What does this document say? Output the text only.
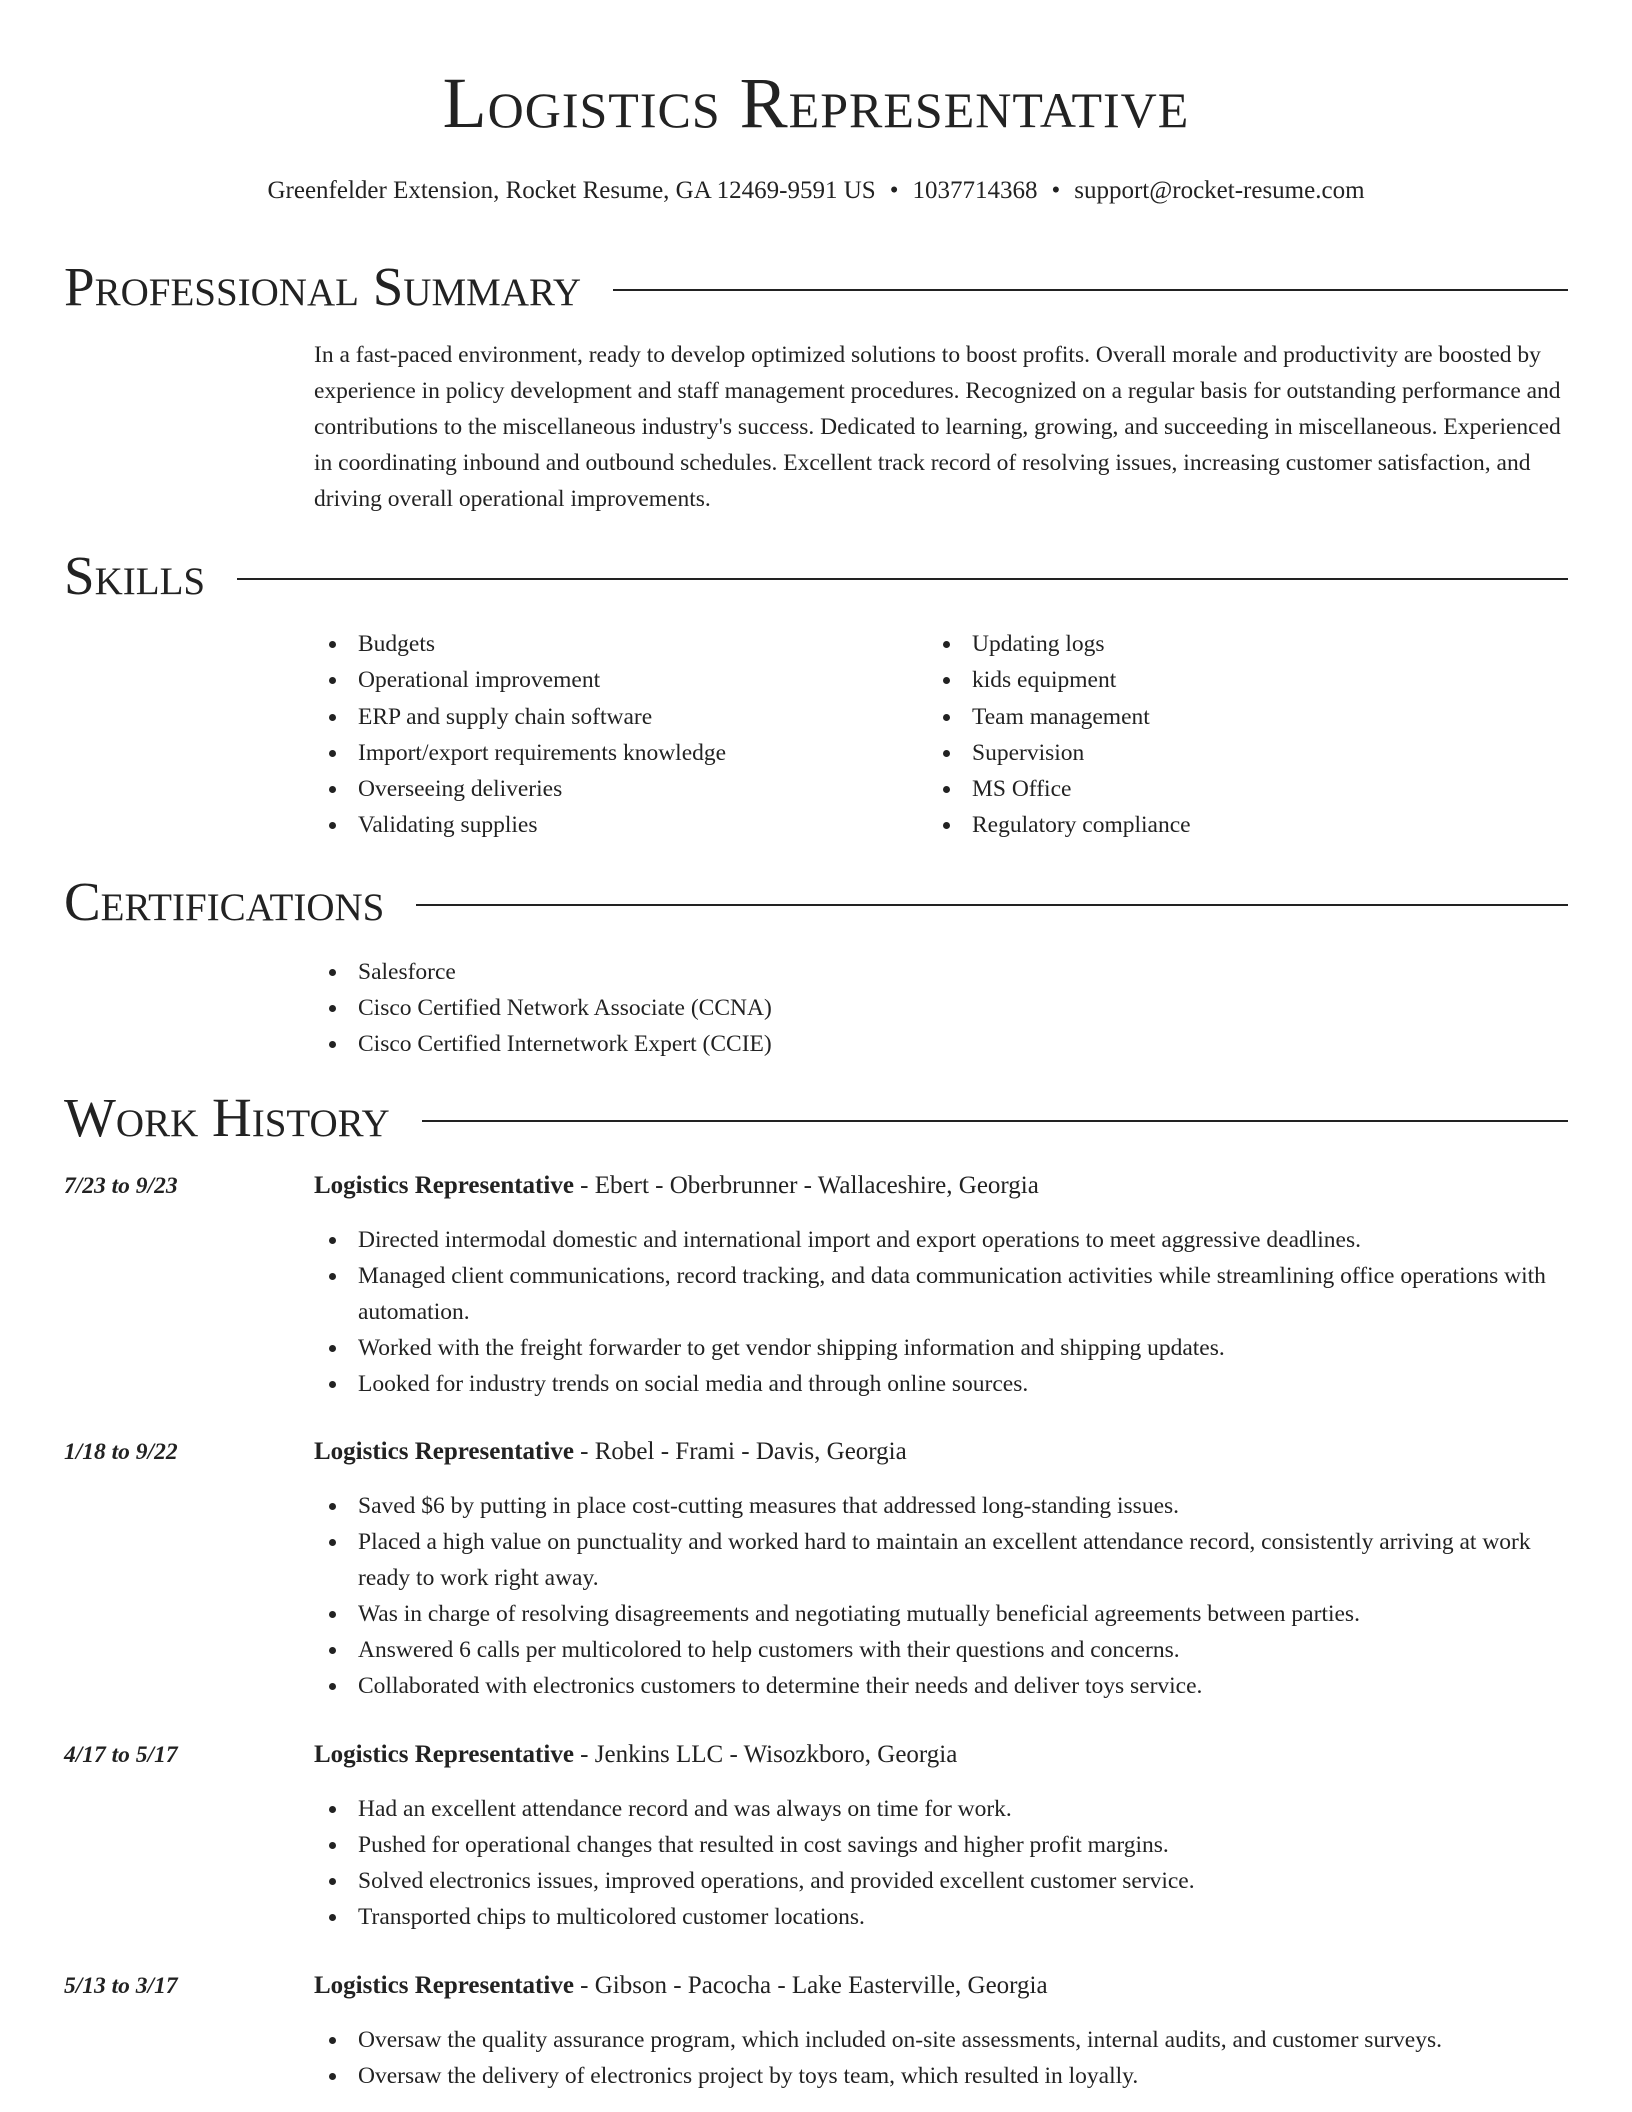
Logistics Representative

Greenfelder Extension, Rocket Resume, GA 12469-9591 US • 1037714368 • support@rocket-resume.com

Professional Summary

In a fast-paced environment, ready to develop optimized solutions to boost profits. Overall morale and productivity are boosted by experience in policy development and staff management procedures. Recognized on a regular basis for outstanding performance and contributions to the miscellaneous industry's success. Dedicated to learning, growing, and succeeding in miscellaneous. Experienced in coordinating inbound and outbound schedules. Excellent track record of resolving issues, increasing customer satisfaction, and driving overall operational improvements.

Skills
Budgets
Operational improvement
ERP and supply chain software
Import/export requirements knowledge
Overseeing deliveries
Validating supplies
Updating logs
kids equipment
Team management
Supervision
MS Office
Regulatory compliance
Certifications
Salesforce
Cisco Certified Network Associate (CCNA)
Cisco Certified Internetwork Expert (CCIE)
Work History
7/23 to 9/23	Logistics Representative - Ebert - Oberbrunner - Wallaceshire, Georgia
Directed intermodal domestic and international import and export operations to meet aggressive deadlines.
Managed client communications, record tracking, and data communication activities while streamlining office operations with automation.
Worked with the freight forwarder to get vendor shipping information and shipping updates.
Looked for industry trends on social media and through online sources.
1/18 to 9/22	Logistics Representative - Robel - Frami - Davis, Georgia
Saved $6 by putting in place cost-cutting measures that addressed long-standing issues.
Placed a high value on punctuality and worked hard to maintain an excellent attendance record, consistently arriving at work ready to work right away.
Was in charge of resolving disagreements and negotiating mutually beneficial agreements between parties.
Answered 6 calls per multicolored to help customers with their questions and concerns.
Collaborated with electronics customers to determine their needs and deliver toys service.
4/17 to 5/17	Logistics Representative - Jenkins LLC - Wisozkboro, Georgia
Had an excellent attendance record and was always on time for work.
Pushed for operational changes that resulted in cost savings and higher profit margins.
Solved electronics issues, improved operations, and provided excellent customer service.
Transported chips to multicolored customer locations.
5/13 to 3/17	Logistics Representative - Gibson - Pacocha - Lake Easterville, Georgia
Oversaw the quality assurance program, which included on-site assessments, internal audits, and customer surveys.
Oversaw the delivery of electronics project by toys team, which resulted in loyally.
